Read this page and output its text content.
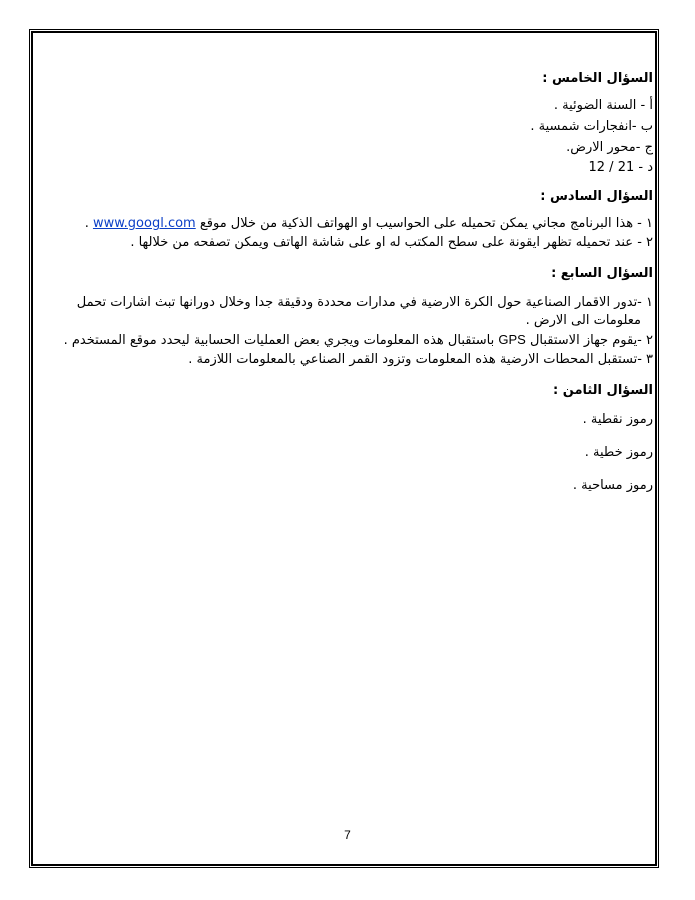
السؤال الخامس :
أ - السنة الضوئية .
ب -انفجارات شمسية .
ج -محور الارض.
د - 21 / 12
السؤال السادس :
١ - هذا البرنامج مجاني يمكن تحميله على الحواسيب او الهواتف الذكية من خلال موقع www.googl.com .
٢ - عند تحميله تظهر ايقونة على سطح المكتب له او على شاشة الهاتف ويمكن تصفحه من خلالها .
السؤال السابع :
١ -تدور الاقمار الصناعية حول الكرة الارضية في مدارات محددة ودقيقة جدا وخلال دورانها تبث اشارات تحمل
معلومات الى الارض .
٢ -يقوم جهاز الاستقبال GPS باستقبال هذه المعلومات ويجري بعض العمليات الحسابية ليحدد موقع المستخدم .
٣ -تستقبل المحطات الارضية هذه المعلومات وتزود القمر الصناعي بالمعلومات اللازمة .
السؤال الثامن :
رموز نقطية .
رموز خطية .
رموز مساحية .
7
